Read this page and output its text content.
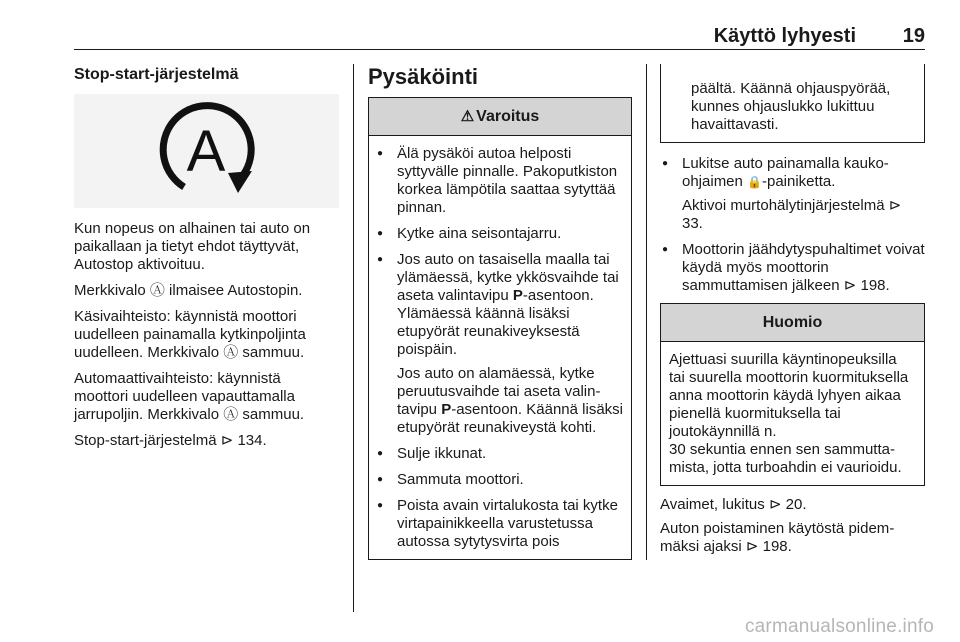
Käyttö lyhyesti 19
Stop-start-järjestelmä
A

Kun nopeus on alhainen tai auto on paikallaan ja tietyt ehdot täyttyvät, Autostop aktivoituu.

Merkkivalo Ⓐ ilmaisee Autostopin.

Käsivaihteisto: käynnistä moottori uudelleen painamalla kytkinpoljinta uudelleen. Merkkivalo Ⓐ sammuu.

Automaattivaihteisto: käynnistä moottori uudelleen vapauttamalla jarrupoljin. Merkkivalo Ⓐ sammuu.

Stop-start-järjestelmä ⊳ 134.

Pysäköinti
⚠ Varoitus
● Älä pysäköi autoa helposti syttyvälle pinnalle. Pakoputkiston korkea lämpötila saattaa sytyttää pinnan.
● Kytke aina seisontajarru.

● Jos auto on tasaisella maalla tai ylämäessä, kytke ykkösvaihde tai aseta valintavipu P-asentoon. Ylämäessä käännä lisäksi etupyörät reunakiveyksestä poispäin.

Jos auto on alamäessä, kytke peruutusvaihde tai aseta valintavipu P-asentoon. Käännä lisäksi etupyörät reunakiveystä kohti.

● Sulje ikkunat.
● Sammuta moottori.
● Poista avain virtalukosta tai kytke virtapainikkeella varustetussa autossa sytytysvirta pois
päältä. Käännä ohjauspyörää, kunnes ohjauslukko lukittuu havaittavasti.

● Lukitse auto painamalla kaukoohjaimen 🔒-painiketta.

Aktivoi murtohälytinjärjestelmä ⊳ 33.

● Moottorin jäähdytyspuhaltimet voivat käydä myös moottorin sammuttamisen jälkeen ⊳ 198.
Huomio
Ajettuasi suurilla käyntinopeuksilla tai suurella moottorin kuormituksella anna moottorin käydä lyhyen aikaa pienellä kuormituksella tai joutokäynnillä n.
30 sekuntia ennen sen sammuttamista, jotta turboahdin ei vaurioidu.

Avaimet, lukitus ⊳ 20.

Auton poistaminen käytöstä pidemmäksi ajaksi ⊳ 198.

carmanualsonline.info
